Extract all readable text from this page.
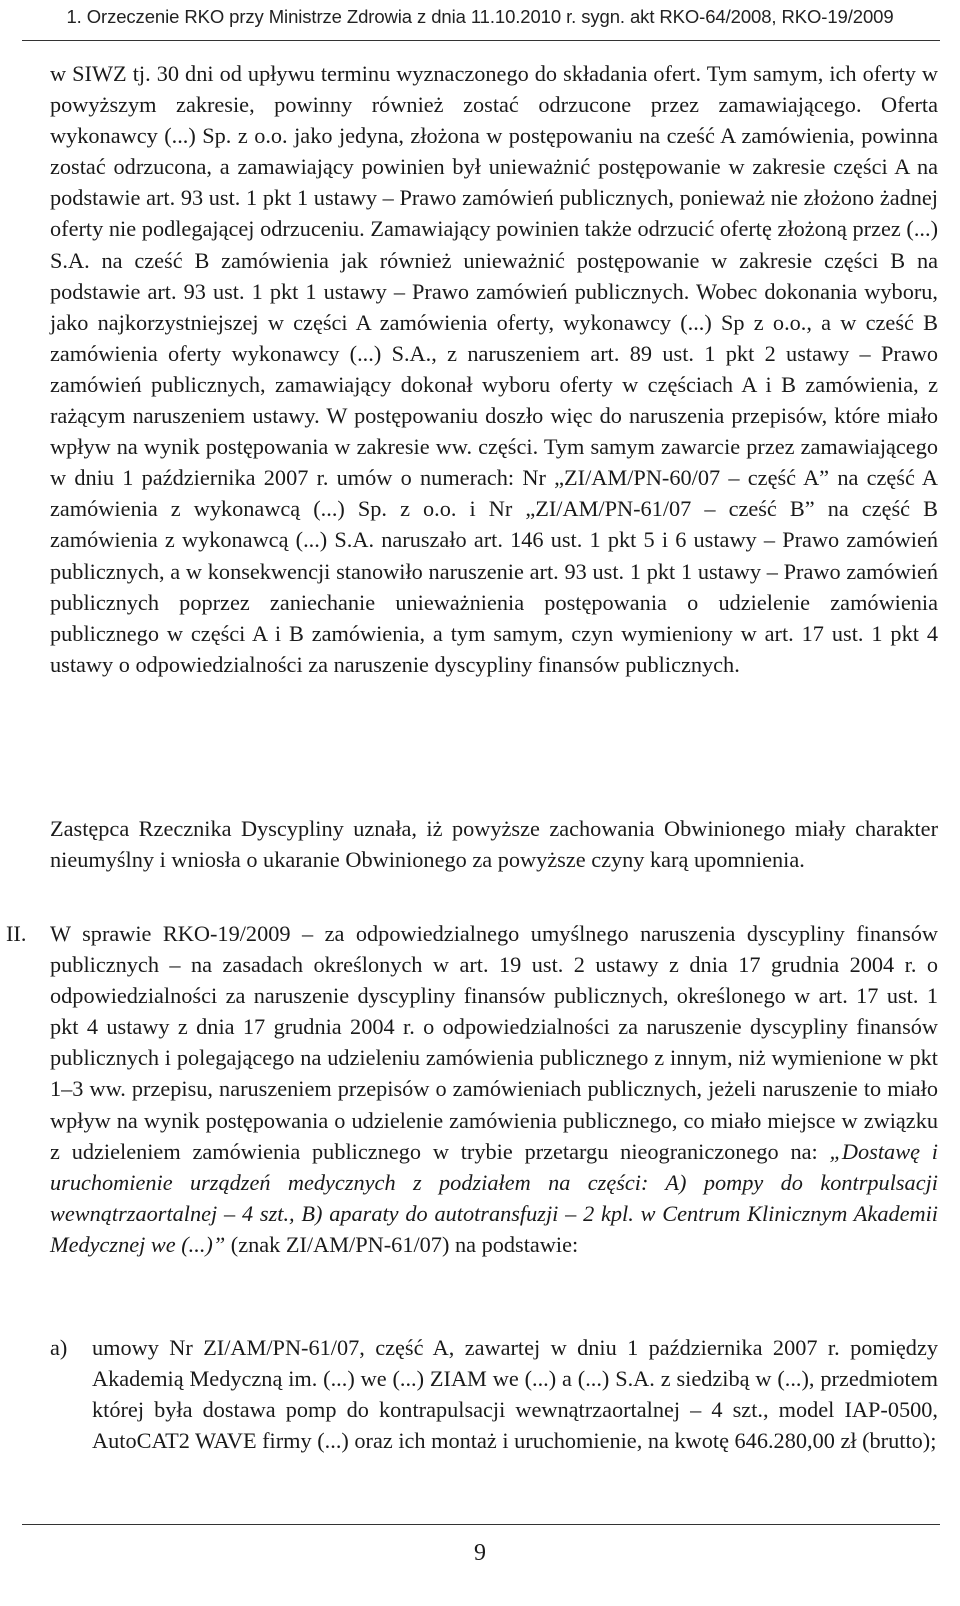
1. Orzeczenie RKO przy Ministrze Zdrowia z dnia 11.10.2010 r. sygn. akt RKO-64/2008, RKO-19/2009
w SIWZ tj. 30 dni od upływu terminu wyznaczonego do składania ofert. Tym samym, ich oferty w powyższym zakresie, powinny również zostać odrzucone przez zamawiającego. Oferta wykonawcy (...) Sp. z o.o. jako jedyna, złożona w postępowaniu na cześć A zamówienia, powinna zostać odrzucona, a zamawiający powinien był unieważnić postępowanie w zakresie części A na podstawie art. 93 ust. 1 pkt 1 ustawy – Prawo zamówień publicznych, ponieważ nie złożono żadnej oferty nie podlegającej odrzuceniu. Zamawiający powinien także odrzucić ofertę złożoną przez (...) S.A. na cześć B zamówienia jak również unieważnić postępowanie w zakresie części B na podstawie art. 93 ust. 1 pkt 1 ustawy – Prawo zamówień publicznych. Wobec dokonania wyboru, jako najkorzystniejszej w części A zamówienia oferty, wykonawcy (...) Sp z o.o., a w cześć B zamówienia oferty wykonawcy (...) S.A., z naruszeniem art. 89 ust. 1 pkt 2 ustawy – Prawo zamówień publicznych, zamawiający dokonał wyboru oferty w częściach A i B zamówienia, z rażącym naruszeniem ustawy. W postępowaniu doszło więc do naruszenia przepisów, które miało wpływ na wynik postępowania w zakresie ww. części. Tym samym zawarcie przez zamawiającego w dniu 1 października 2007 r. umów o numerach: Nr „ZI/AM/PN-60/07 – część A” na część A zamówienia z wykonawcą (...) Sp. z o.o. i Nr „ZI/AM/PN-61/07 – cześć B” na część B zamówienia z wykonawcą (...) S.A. naruszało art. 146 ust. 1 pkt 5 i 6 ustawy – Prawo zamówień publicznych, a w konsekwencji stanowiło naruszenie art. 93 ust. 1 pkt 1 ustawy – Prawo zamówień publicznych poprzez zaniechanie unieważnienia postępowania o udzielenie zamówienia publicznego w części A i B zamówienia, a tym samym, czyn wymieniony w art. 17 ust. 1 pkt 4 ustawy o odpowiedzialności za naruszenie dyscypliny finansów publicznych.
Zastępca Rzecznika Dyscypliny uznała, iż powyższe zachowania Obwinionego miały charakter nieumyślny i wniosła o ukaranie Obwinionego za powyższe czyny karą upomnienia.
II. W sprawie RKO-19/2009 – za odpowiedzialnego umyślnego naruszenia dyscypliny finansów publicznych – na zasadach określonych w art. 19 ust. 2 ustawy z dnia 17 grudnia 2004 r. o odpowiedzialności za naruszenie dyscypliny finansów publicznych, określonego w art. 17 ust. 1 pkt 4 ustawy z dnia 17 grudnia 2004 r. o odpowiedzialności za naruszenie dyscypliny finansów publicznych i polegającego na udzieleniu zamówienia publicznego z innym, niż wymienione w pkt 1–3 ww. przepisu, naruszeniem przepisów o zamówieniach publicznych, jeżeli naruszenie to miało wpływ na wynik postępowania o udzielenie zamówienia publicznego, co miało miejsce w związku z udzieleniem zamówienia publicznego w trybie przetargu nieograniczonego na: „Dostawę i uruchomienie urządzeń medycznych z podziałem na części: A) pompy do kontrpulsacji wewnątrzaortalnej – 4 szt., B) aparaty do autotransfuzji – 2 kpl. w Centrum Klinicznym Akademii Medycznej we (...)” (znak ZI/AM/PN-61/07) na podstawie:
a) umowy Nr ZI/AM/PN-61/07, część A, zawartej w dniu 1 października 2007 r. pomiędzy Akademią Medyczną im. (...) we (...) ZIAM we (...) a (...) S.A. z siedzibą w (...), przedmiotem której była dostawa pomp do kontrapulsacji wewnątrzaortalnej – 4 szt., model IAP-0500, AutoCAT2 WAVE firmy (...) oraz ich montaż i uruchomienie, na kwotę 646.280,00 zł (brutto);
9
